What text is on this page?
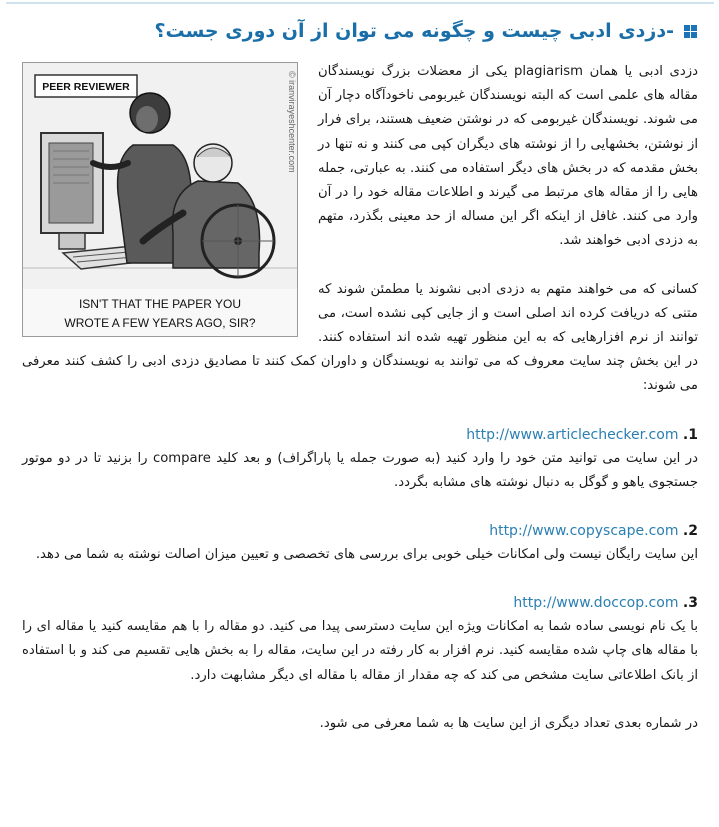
-دزدی ادبی چیست و چگونه می توان از آن دوری جست؟
PEER REVIEWER	© iranvirayeshcenter.com
ISN'T THAT THE PAPER YOU
WROTE A FEW YEARS AGO, SIR?

دزدی ادبی یا همان plagiarism یکی از معضلات بزرگ نویسندگان مقاله های علمی است که البته نویسندگان غیربومی ناخودآگاه دچار آن می شوند. نویسندگان غیربومی که در نوشتن ضعیف هستند، برای فرار از نوشتن، بخشهایی را از نوشته های دیگران کپی می کنند و نه تنها در بخش مقدمه که در بخش های دیگر استفاده می کنند. به عبارتی، جمله هایی را از مقاله های مرتبط می گیرند و اطلاعات مقاله خود را در آن وارد می کنند. غافل از اینکه اگر این مساله از حد معینی بگذرد، متهم به دزدی ادبی خواهند شد.

کسانی که می خواهند متهم به دزدی ادبی نشوند یا مطمئن شوند که متنی که دریافت کرده اند اصلی است و از جایی کپی نشده است، می توانند از نرم افزارهایی که به این منظور تهیه شده اند استفاده کنند. در این بخش چند سایت معروف که می توانند به نویسندگان و داوران کمک کنند تا مصادیق دزدی ادبی را کشف کنند معرفی می شوند:

1. http://www.articlechecker.com

در این سایت می توانید متن خود را وارد کنید (به صورت جمله یا پاراگراف) و بعد کلید compare را بزنید تا در دو موتور جستجوی یاهو و گوگل به دنبال نوشته های مشابه بگردد.

2. http://www.copyscape.com

این سایت رایگان نیست ولی امکانات خیلی خوبی برای بررسی های تخصصی و تعیین میزان اصالت نوشته به شما می دهد.

3. http://www.doccop.com

با یک نام نویسی ساده شما به امکانات ویژه این سایت دسترسی پیدا می کنید. دو مقاله را با هم مقایسه کنید یا مقاله ای را با مقاله های چاپ شده مقایسه کنید. نرم افزار به کار رفته در این سایت، مقاله را به بخش هایی تقسیم می کند و با استفاده از بانک اطلاعاتی سایت مشخص می کند که چه مقدار از مقاله با مقاله ای دیگر مشابهت دارد.

در شماره بعدی تعداد دیگری از این سایت ها به شما معرفی می شود.
